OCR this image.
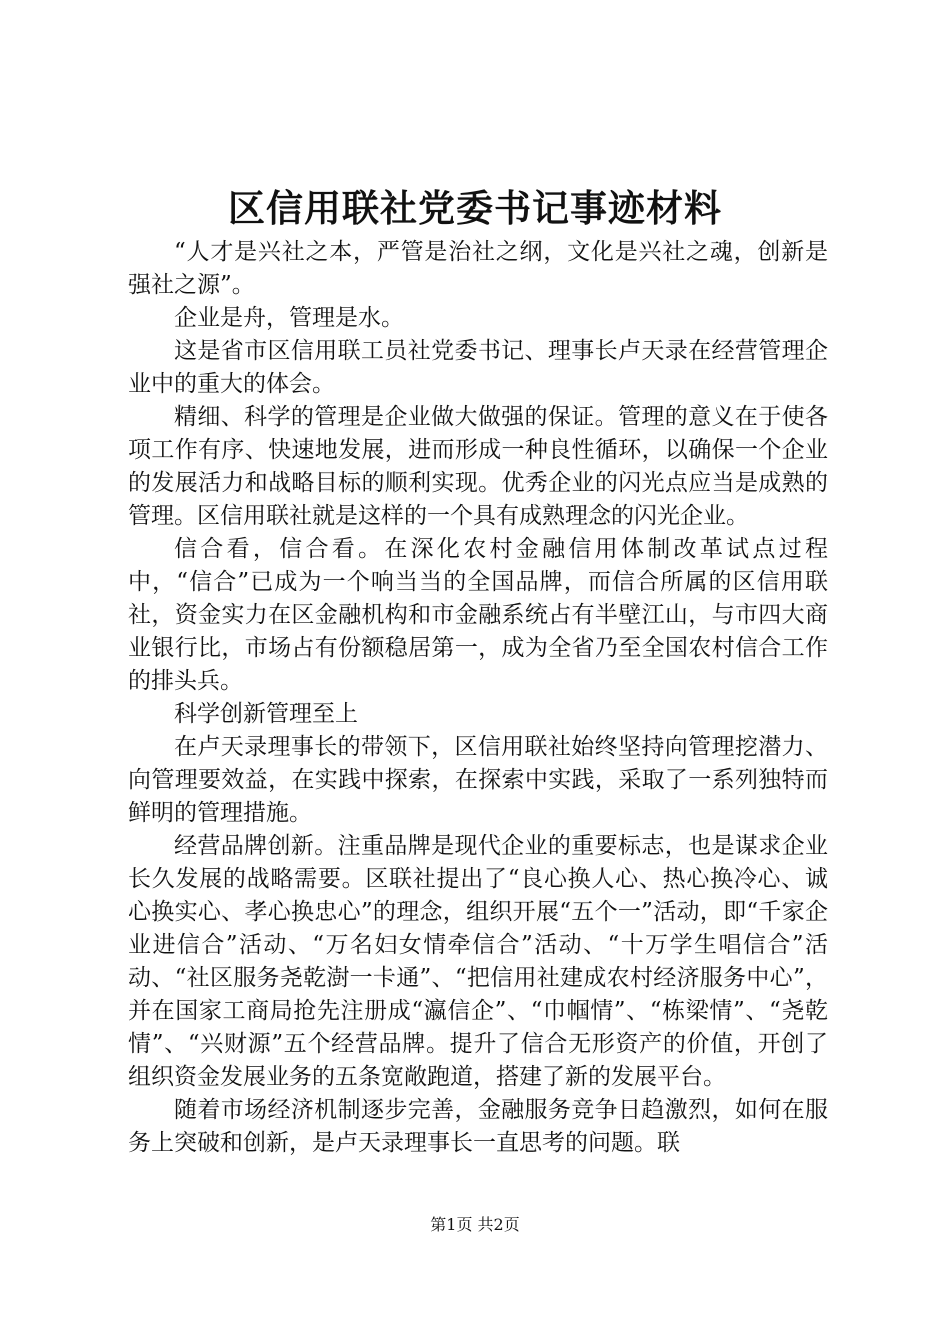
区信用联社党委书记事迹材料

“人才是兴社之本，严管是治社之纲，文化是兴社之魂，创新是强社之源”。

企业是舟，管理是水。

这是省市区信用联工员社党委书记、理事长卢天录在经营管理企业中的重大的体会。

精细、科学的管理是企业做大做强的保证。管理的意义在于使各项工作有序、快速地发展，进而形成一种良性循环，以确保一个企业的发展活力和战略目标的顺利实现。优秀企业的闪光点应当是成熟的管理。区信用联社就是这样的一个具有成熟理念的闪光企业。

信合看，信合看。在深化农村金融信用体制改革试点过程中，“信合”已成为一个响当当的全国品牌，而信合所属的区信用联社，资金实力在区金融机构和市金融系统占有半壁江山，与市四大商业银行比，市场占有份额稳居第一，成为全省乃至全国农村信合工作的排头兵。

科学创新管理至上

在卢天录理事长的带领下，区信用联社始终坚持向管理挖潜力、向管理要效益，在实践中探索，在探索中实践，采取了一系列独特而鲜明的管理措施。

经营品牌创新。注重品牌是现代企业的重要标志，也是谋求企业长久发展的战略需要。区联社提出了“良心换人心、热心换冷心、诚心换实心、孝心换忠心”的理念，组织开展“五个一”活动，即“千家企业进信合”活动、“万名妇女情牵信合”活动、“十万学生唱信合”活动、“社区服务尧乾澍一卡通”、“把信用社建成农村经济服务中心”，并在国家工商局抢先注册成“瀛信企”、“巾帼情”、“栋梁情”、“尧乾情”、“兴财源”五个经营品牌。提升了信合无形资产的价值，开创了组织资金发展业务的五条宽敞跑道，搭建了新的发展平台。

随着市场经济机制逐步完善，金融服务竞争日趋激烈，如何在服务上突破和创新，是卢天录理事长一直思考的问题。联

第1页 共2页
